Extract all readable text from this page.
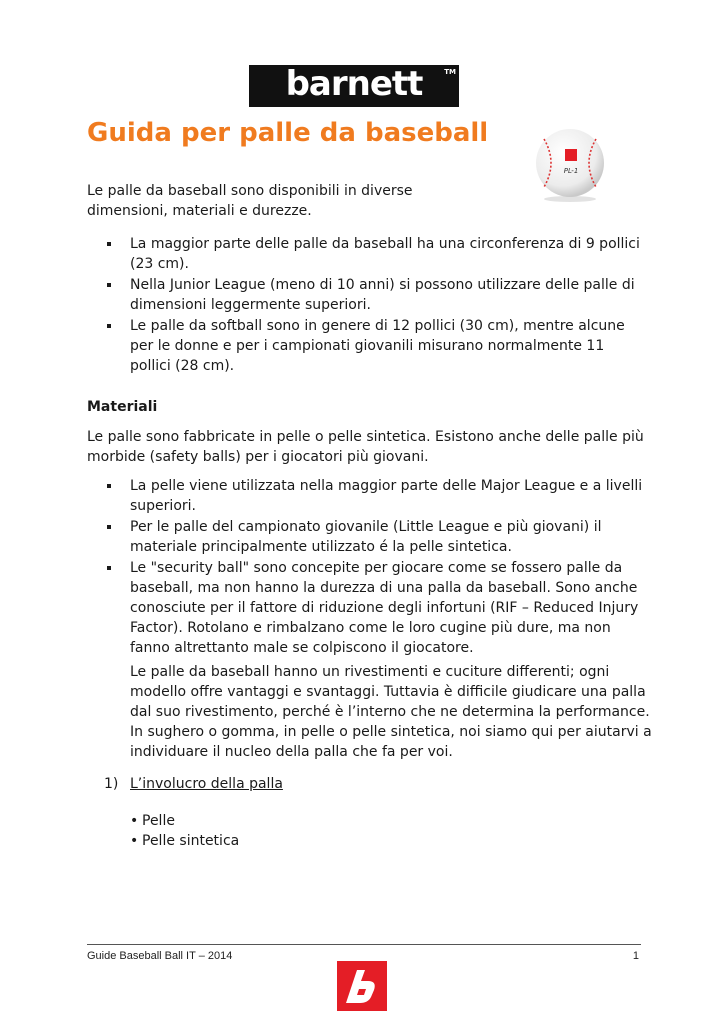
barnett	TM
Guida per palle da baseball
PL-1

Le palle da baseball sono disponibili in diverse dimensioni, materiali e durezze.

La maggior parte delle palle da baseball ha una circonferenza di 9 pollici (23 cm).
Nella Junior League (meno di 10 anni) si possono utilizzare delle palle di dimensioni leggermente superiori.
Le palle da softball sono in genere di 12 pollici (30 cm), mentre alcune per le donne e per i campionati giovanili misurano normalmente 11 pollici (28 cm).
Materiali

Le palle sono fabbricate in pelle o pelle sintetica. Esistono anche delle palle più morbide (safety balls) per i giocatori più giovani.

La pelle viene utilizzata nella maggior parte delle Major League e a livelli superiori.
Per le palle del campionato giovanile (Little League e più giovani) il materiale principalmente utilizzato é la pelle sintetica.
Le "security ball" sono concepite per giocare come se fossero palle da baseball, ma non hanno la durezza di una palla da baseball. Sono anche conosciute per il fattore di riduzione degli infortuni (RIF – Reduced Injury Factor). Rotolano e rimbalzano come le loro cugine più dure, ma non fanno altrettanto male se colpiscono il giocatore.

Le palle da baseball hanno un rivestimenti e cuciture differenti; ogni modello offre vantaggi e svantaggi. Tuttavia è difficile giudicare una palla dal suo rivestimento, perché è l’interno che ne determina la performance. In sughero o gomma, in pelle o pelle sintetica, noi siamo qui per aiutarvi a individuare il nucleo della palla che fa per voi.

1) L’involucro della palla

• Pelle
• Pelle sintetica
Guide Baseball Ball IT – 2014	1
